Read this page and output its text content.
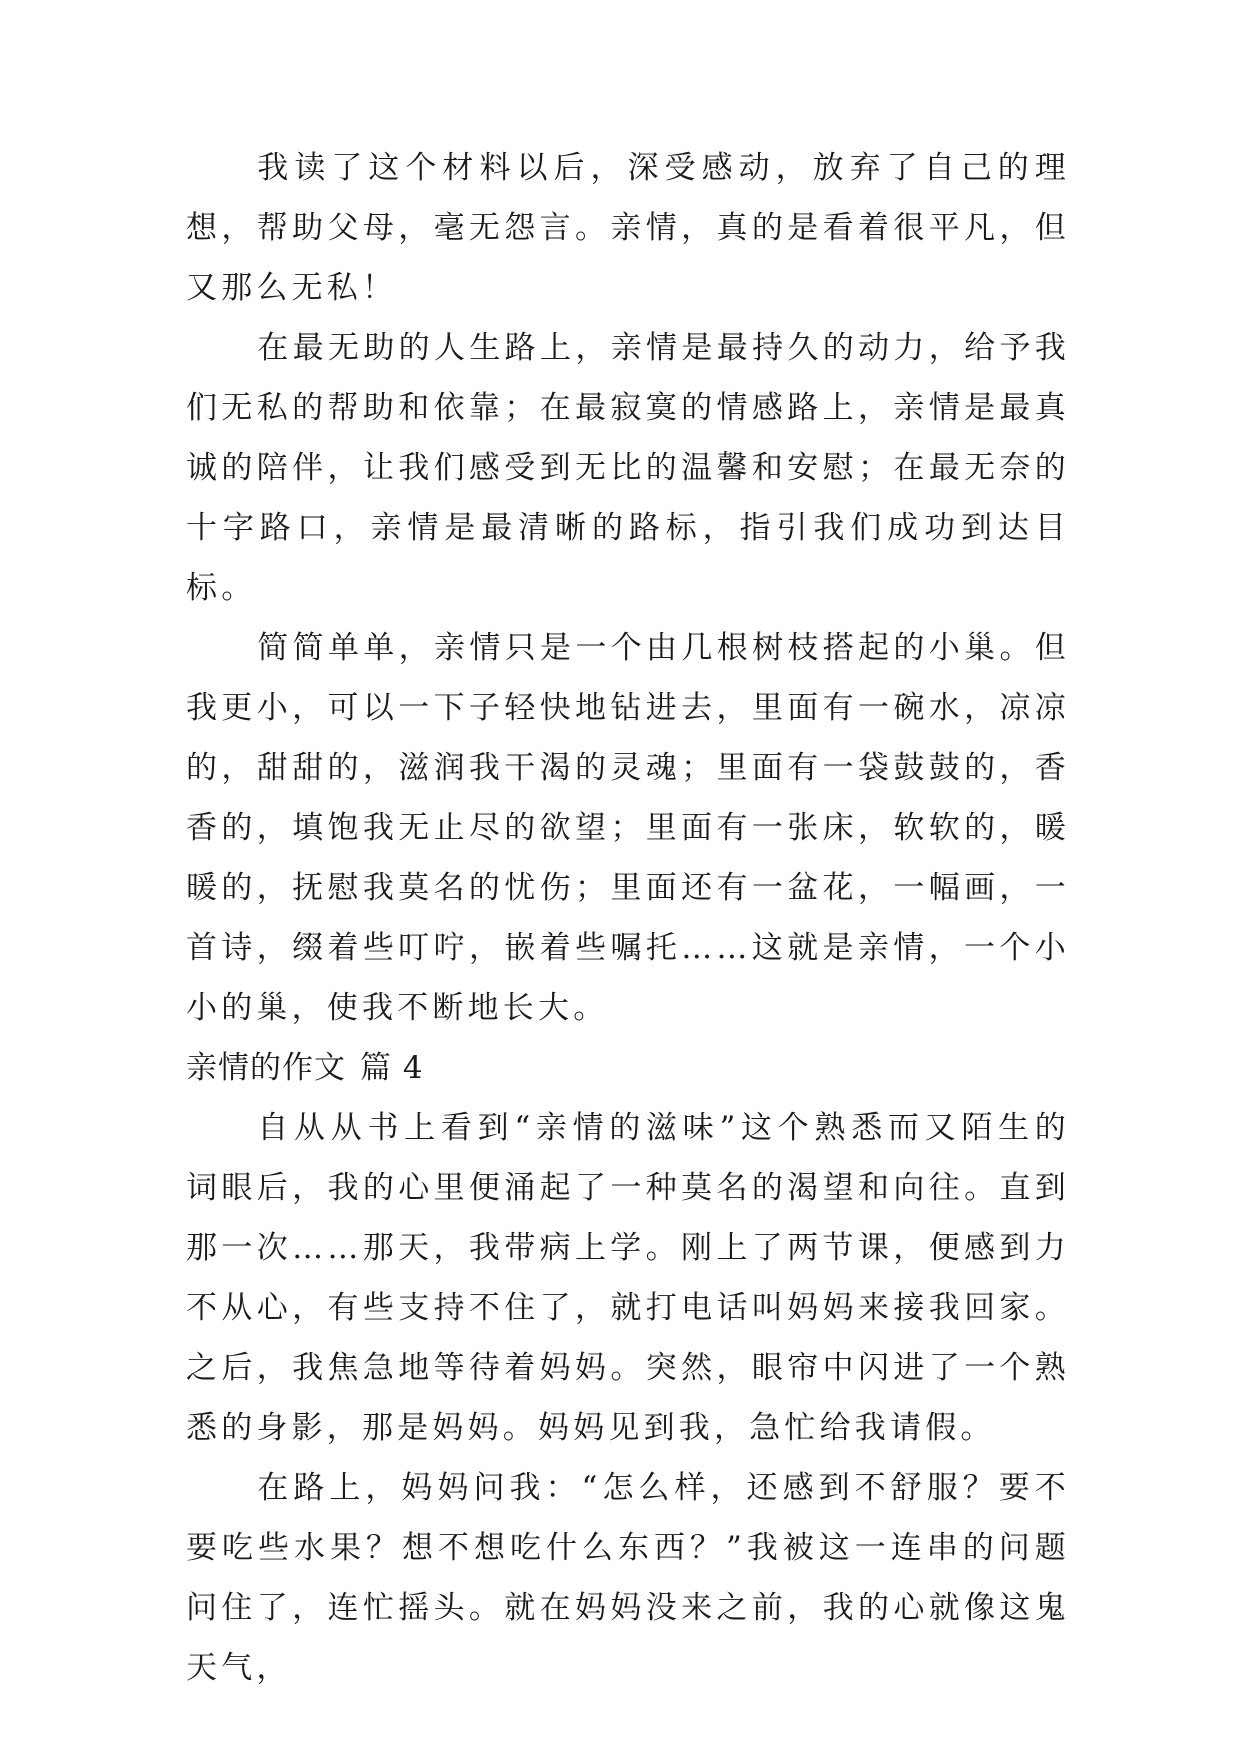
我读了这个材料以后，深受感动，放弃了自己的理想，帮助父母，毫无怨言。亲情，真的是看着很平凡，但又那么无私！

在最无助的人生路上，亲情是最持久的动力，给予我们无私的帮助和依靠；在最寂寞的情感路上，亲情是最真诚的陪伴，让我们感受到无比的温馨和安慰；在最无奈的十字路口，亲情是最清晰的路标，指引我们成功到达目标。

简简单单，亲情只是一个由几根树枝搭起的小巢。但我更小，可以一下子轻快地钻进去，里面有一碗水，凉凉的，甜甜的，滋润我干渴的灵魂；里面有一袋鼓鼓的，香香的，填饱我无止尽的欲望；里面有一张床，软软的，暖暖的，抚慰我莫名的忧伤；里面还有一盆花，一幅画，一首诗，缀着些叮咛，嵌着些嘱托……这就是亲情，一个小小的巢，使我不断地长大。

亲情的作文 篇 4

自从从书上看到“亲情的滋味”这个熟悉而又陌生的词眼后，我的心里便涌起了一种莫名的渴望和向往。直到那一次……那天，我带病上学。刚上了两节课，便感到力不从心，有些支持不住了，就打电话叫妈妈来接我回家。之后，我焦急地等待着妈妈。突然，眼帘中闪进了一个熟悉的身影，那是妈妈。妈妈见到我，急忙给我请假。

在路上，妈妈问我：“怎么样，还感到不舒服？要不要吃些水果？想不想吃什么东西？”我被这一连串的问题问住了，连忙摇头。就在妈妈没来之前，我的心就像这鬼天气，
